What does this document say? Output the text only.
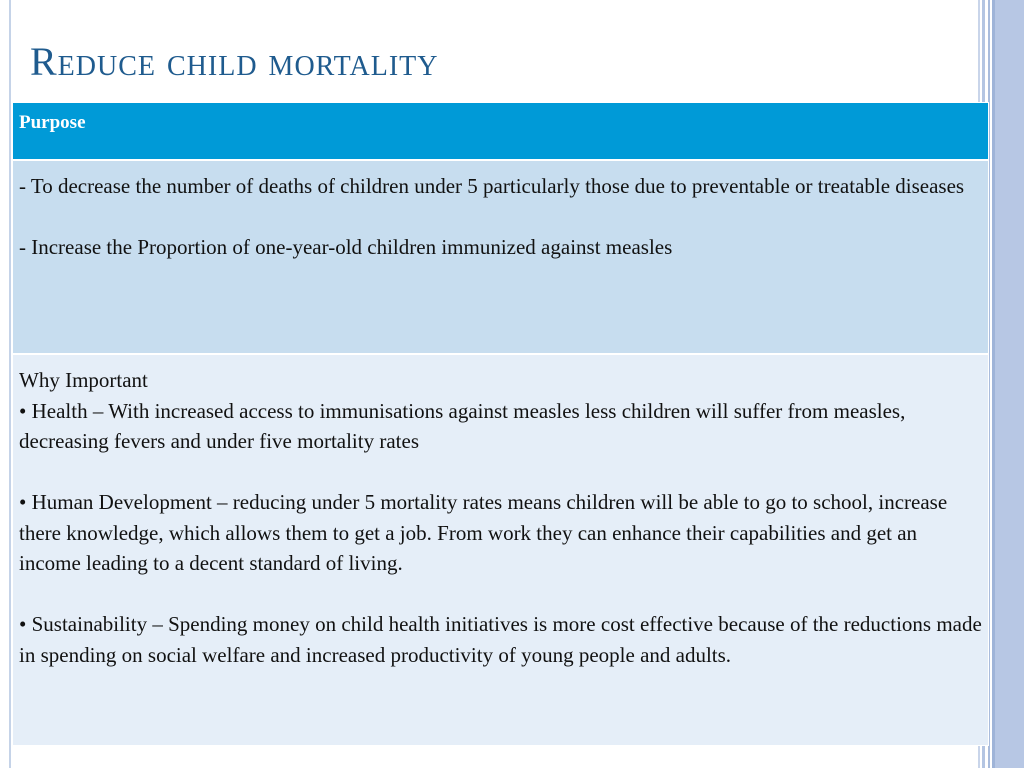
Reduce child mortality
Purpose

- To decrease the number of deaths of children under 5 particularly those due to preventable or treatable diseases

- Increase the Proportion of one-year-old children immunized against measles

Why Important

• Health – With increased access to immunisations against measles less children will suffer from measles, decreasing fevers and under five mortality rates

• Human Development – reducing under 5 mortality rates means children will be able to go to school, increase there knowledge, which allows them to get a job. From work they can enhance their capabilities and get an income leading to a decent standard of living.

• Sustainability – Spending money on child health initiatives is more cost effective because of the reductions made in spending on social welfare and increased productivity of young people and adults.
